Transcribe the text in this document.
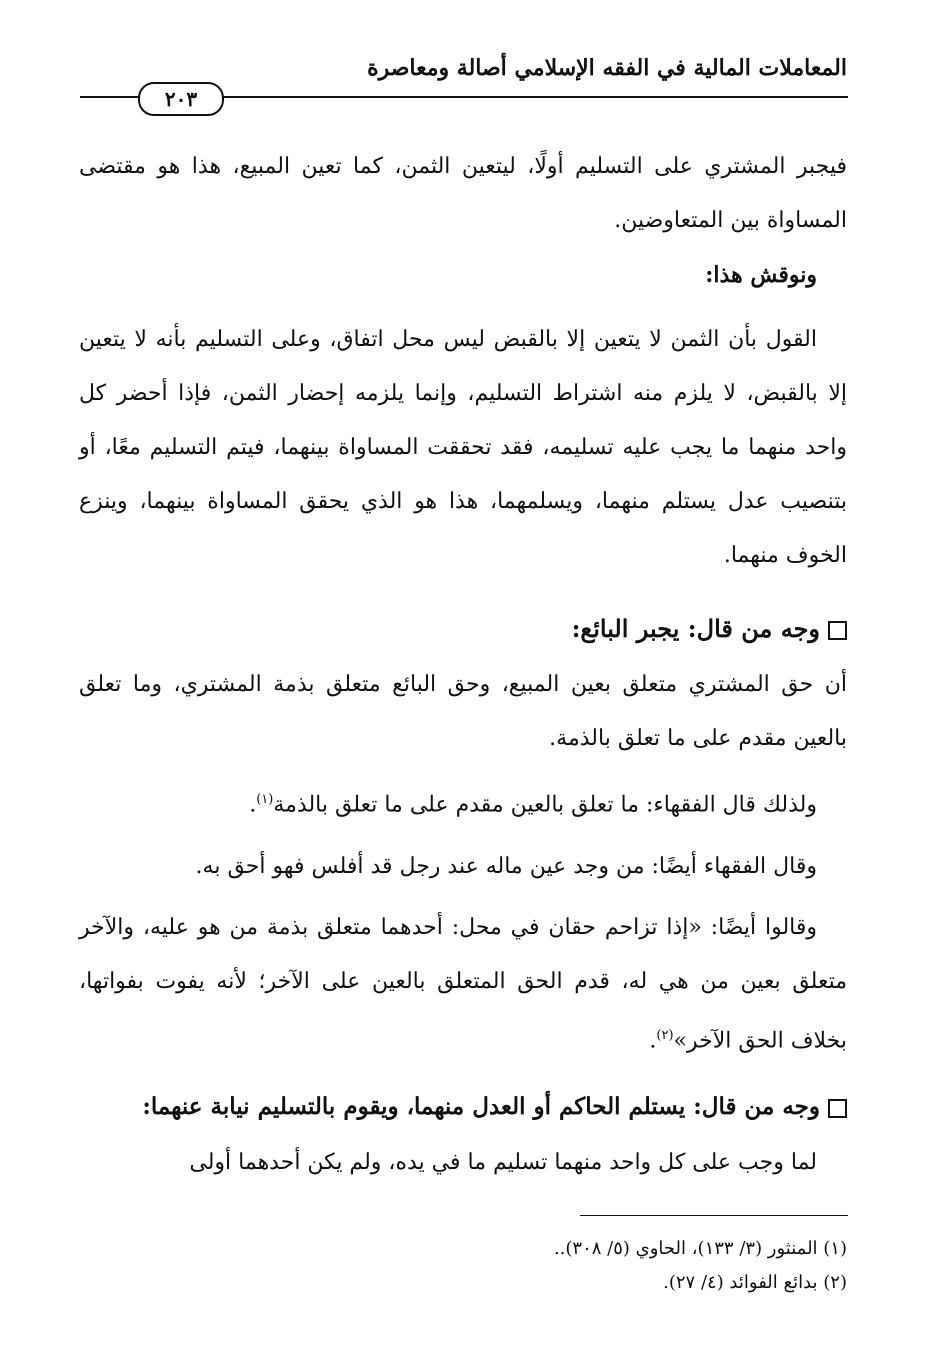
المعاملات المالية في الفقه الإسلامي أصالة ومعاصرة
٢٠٣

فيجبر المشتري على التسليم أولًا، ليتعين الثمن، كما تعين المبيع، هذا هو مقتضى المساواة بين المتعاوضين.

ونوقش هذا:

القول بأن الثمن لا يتعين إلا بالقبض ليس محل اتفاق، وعلى التسليم بأنه لا يتعين إلا بالقبض، لا يلزم منه اشتراط التسليم، وإنما يلزمه إحضار الثمن، فإذا أحضر كل واحد منهما ما يجب عليه تسليمه، فقد تحققت المساواة بينهما، فيتم التسليم معًا، أو بتنصيب عدل يستلم منهما، ويسلمهما، هذا هو الذي يحقق المساواة بينهما، وينزع الخوف منهما.

وجه من قال: يجبر البائع:

أن حق المشتري متعلق بعين المبيع، وحق البائع متعلق بذمة المشتري، وما تعلق بالعين مقدم على ما تعلق بالذمة.

ولذلك قال الفقهاء: ما تعلق بالعين مقدم على ما تعلق بالذمة$^{(١)}$.

وقال الفقهاء أيضًا: من وجد عين ماله عند رجل قد أفلس فهو أحق به.

وقالوا أيضًا: «إذا تزاحم حقان في محل: أحدهما متعلق بذمة من هو عليه، والآخر متعلق بعين من هي له، قدم الحق المتعلق بالعين على الآخر؛ لأنه يفوت بفواتها، بخلاف الحق الآخر»$^{(٢)}$.

وجه من قال: يستلم الحاكم أو العدل منهما، ويقوم بالتسليم نيابة عنهما:

لما وجب على كل واحد منهما تسليم ما في يده، ولم يكن أحدهما أولى

(١) المنثور (٣/ ١٣٣)، الحاوي (٥/ ٣٠٨)..

(٢) بدائع الفوائد (٤/ ٢٧).
